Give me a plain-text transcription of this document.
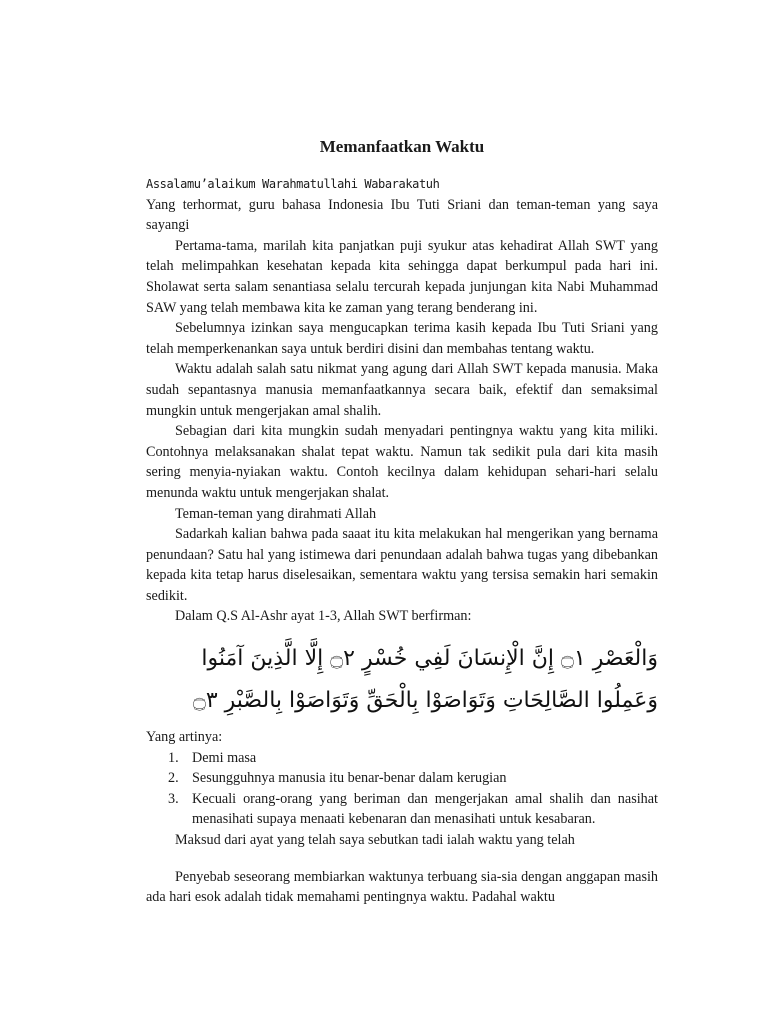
Memanfaatkan Waktu
Assalamu’alaikum Warahmatullahi Wabarakatuh

Yang terhormat, guru bahasa Indonesia Ibu Tuti Sriani dan teman-teman yang saya sayangi

Pertama-tama, marilah kita panjatkan puji syukur atas kehadirat Allah SWT yang telah melimpahkan kesehatan kepada kita sehingga dapat berkumpul pada hari ini. Sholawat serta salam senantiasa selalu tercurah kepada junjungan kita Nabi Muhammad SAW yang telah membawa kita ke zaman yang terang benderang ini.

Sebelumnya izinkan saya mengucapkan terima kasih kepada Ibu Tuti Sriani yang telah memperkenankan saya untuk berdiri disini dan membahas tentang waktu.

Waktu adalah salah satu nikmat yang agung dari Allah SWT kepada manusia. Maka sudah sepantasnya manusia memanfaatkannya secara baik, efektif dan semaksimal mungkin untuk mengerjakan amal shalih.

Sebagian dari kita mungkin sudah menyadari pentingnya waktu yang kita miliki. Contohnya melaksanakan shalat tepat waktu. Namun tak sedikit pula dari kita masih sering menyia-nyiakan waktu. Contoh kecilnya dalam kehidupan sehari-hari selalu menunda waktu untuk mengerjakan shalat.

Teman-teman yang dirahmati Allah

Sadarkah kalian bahwa pada saaat itu kita melakukan hal mengerikan yang bernama penundaan? Satu hal yang istimewa dari penundaan adalah bahwa tugas yang dibebankan kepada kita tetap harus diselesaikan, sementara waktu yang tersisa semakin hari semakin sedikit.

Dalam Q.S Al-Ashr ayat 1-3, Allah SWT berfirman:

وَالْعَصْرِ ۝١ إِنَّ الْإِنسَانَ لَفِي خُسْرٍ ۝٢ إِلَّا الَّذِينَ آمَنُوا
وَعَمِلُوا الصَّالِحَاتِ وَتَوَاصَوْا بِالْحَقِّ وَتَوَاصَوْا بِالصَّبْرِ ۝٣

Yang artinya:

1. Demi masa
2. Sesungguhnya manusia itu benar-benar dalam kerugian
3. Kecuali orang-orang yang beriman dan mengerjakan amal shalih dan nasihat menasihati supaya menaati kebenaran dan menasihati untuk kesabaran.

Maksud dari ayat yang telah saya sebutkan tadi ialah waktu yang telah

Penyebab seseorang membiarkan waktunya terbuang sia-sia dengan anggapan masih ada hari esok adalah tidak memahami pentingnya waktu. Padahal waktu
